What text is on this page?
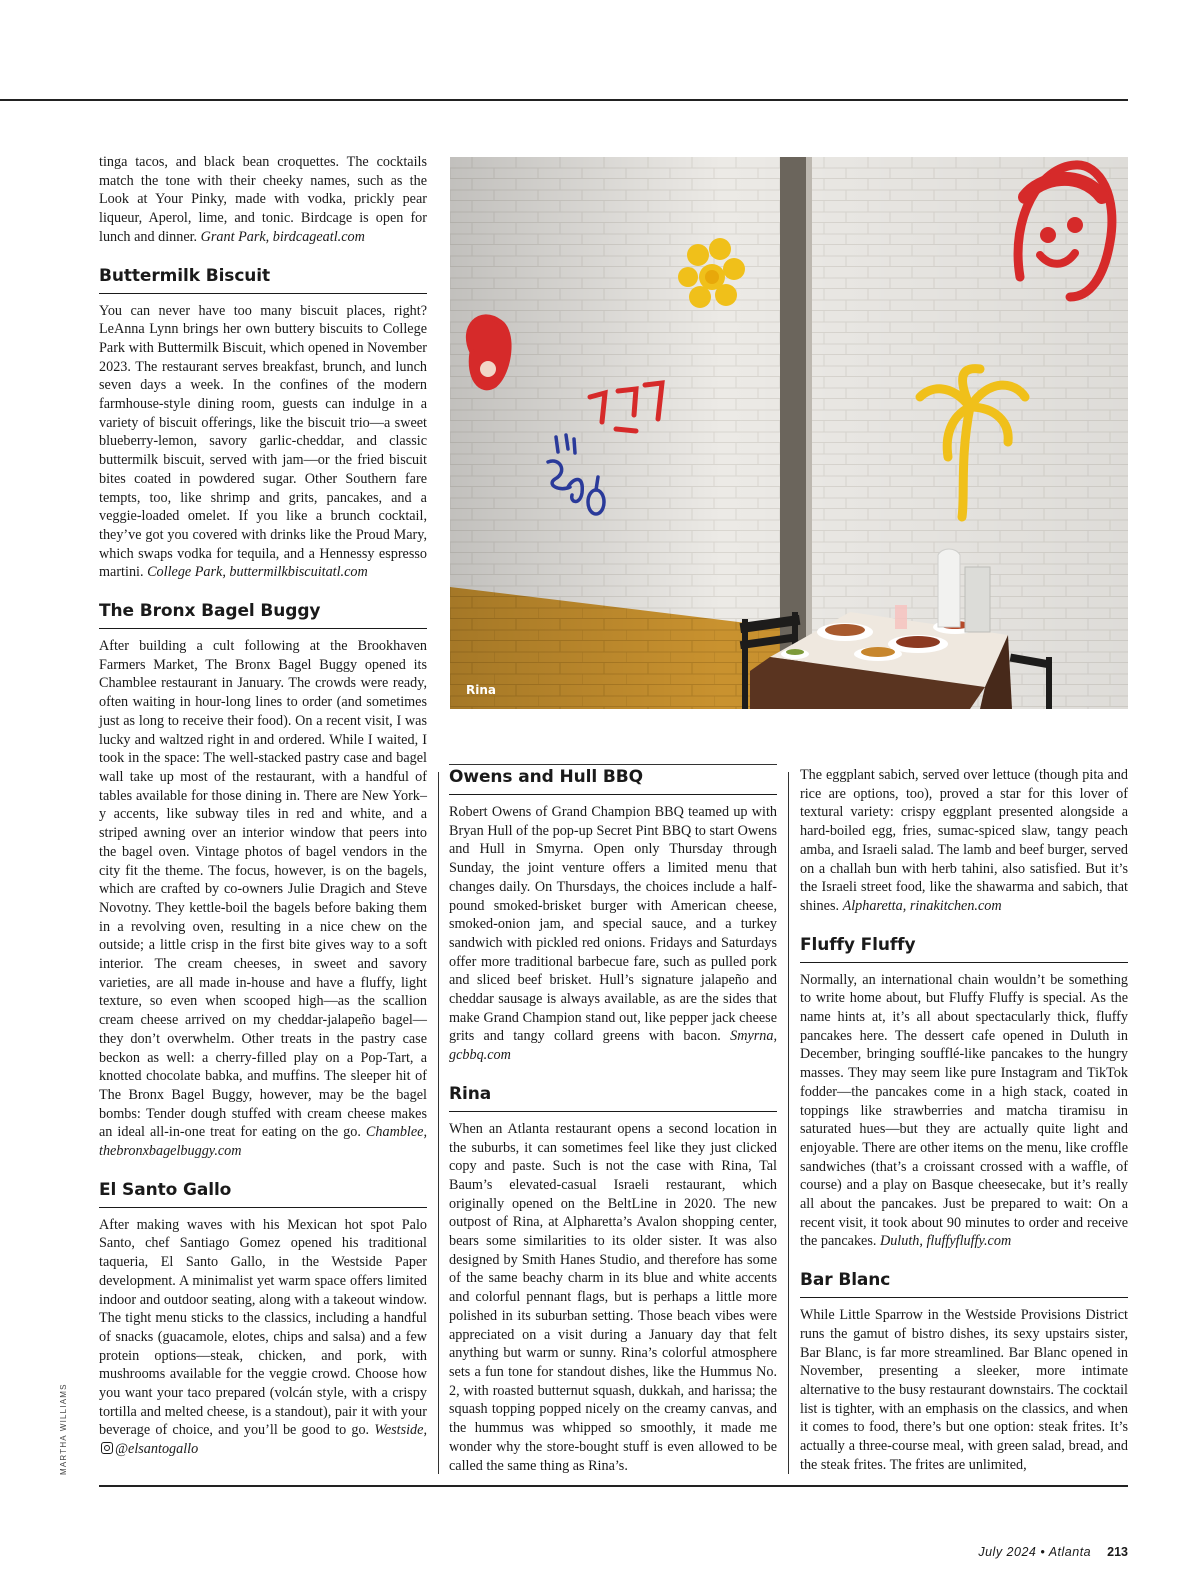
MARTHA WILLIAMS

tinga tacos, and black bean croquettes. The cocktails match the tone with their cheeky names, such as the Look at Your Pinky, made with vodka, prickly pear liqueur, Aperol, lime, and tonic. Birdcage is open for lunch and dinner. Grant Park, birdcageatl.com

Buttermilk Biscuit

You can never have too many biscuit places, right? LeAnna Lynn brings her own buttery biscuits to College Park with Buttermilk Biscuit, which opened in November 2023. The restaurant serves breakfast, brunch, and lunch seven days a week. In the confines of the modern farmhouse-style dining room, guests can indulge in a variety of biscuit offerings, like the biscuit trio—a sweet blueberry-lemon, savory garlic-cheddar, and classic buttermilk biscuit, served with jam—or the fried biscuit bites coated in powdered sugar. Other Southern fare tempts, too, like shrimp and grits, pancakes, and a veggie-loaded omelet. If you like a brunch cocktail, they’ve got you covered with drinks like the Proud Mary, which swaps vodka for tequila, and a Hennessy espresso martini. College Park, buttermilkbiscuitatl.com

The Bronx Bagel Buggy

After building a cult following at the Brookhaven Farmers Market, The Bronx Bagel Buggy opened its Chamblee restaurant in January. The crowds were ready, often waiting in hour-long lines to order (and sometimes just as long to receive their food). On a recent visit, I was lucky and waltzed right in and ordered. While I waited, I took in the space: The well-stacked pastry case and bagel wall take up most of the restaurant, with a handful of tables available for those dining in. There are New York–y accents, like subway tiles in red and white, and a striped awning over an interior window that peers into the bagel oven. Vintage photos of bagel vendors in the city fit the theme. The focus, however, is on the bagels, which are crafted by co-owners Julie Dragich and Steve Novotny. They kettle-boil the bagels before baking them in a revolving oven, resulting in a nice chew on the outside; a little crisp in the first bite gives way to a soft interior. The cream cheeses, in sweet and savory varieties, are all made in-house and have a fluffy, light texture, so even when scooped high—as the scallion cream cheese arrived on my cheddar-jalapeño bagel—they don’t overwhelm. Other treats in the pastry case beckon as well: a cherry-filled play on a Pop-Tart, a knotted chocolate babka, and muffins. The sleeper hit of The Bronx Bagel Buggy, however, may be the bagel bombs: Tender dough stuffed with cream cheese makes an ideal all-in-one treat for eating on the go. Chamblee, thebronxbagelbuggy.com

El Santo Gallo

After making waves with his Mexican hot spot Palo Santo, chef Santiago Gomez opened his traditional taqueria, El Santo Gallo, in the Westside Paper development. A minimalist yet warm space offers limited indoor and outdoor seating, along with a takeout window. The tight menu sticks to the classics, including a handful of snacks (guacamole, elotes, chips and salsa) and a few protein options—steak, chicken, and pork, with mushrooms available for the veggie crowd. Choose how you want your taco prepared (volcán style, with a crispy tortilla and melted cheese, is a standout), pair it with your beverage of choice, and you’ll be good to go. Westside, @elsantogallo

Rina
Owens and Hull BBQ

Robert Owens of Grand Champion BBQ teamed up with Bryan Hull of the pop-up Secret Pint BBQ to start Owens and Hull in Smyrna. Open only Thursday through Sunday, the joint venture offers a limited menu that changes daily. On Thursdays, the choices include a half-pound smoked-brisket burger with American cheese, smoked-onion jam, and special sauce, and a turkey sandwich with pickled red onions. Fridays and Saturdays offer more traditional barbecue fare, such as pulled pork and sliced beef brisket. Hull’s signature jalapeño and cheddar sausage is always available, as are the sides that make Grand Champion stand out, like pepper jack cheese grits and tangy collard greens with bacon. Smyrna, gcbbq.com

Rina

When an Atlanta restaurant opens a second location in the suburbs, it can sometimes feel like they just clicked copy and paste. Such is not the case with Rina, Tal Baum’s elevated-casual Israeli restaurant, which originally opened on the BeltLine in 2020. The new outpost of Rina, at Alpharetta’s Avalon shopping center, bears some similarities to its older sister. It was also designed by Smith Hanes Studio, and therefore has some of the same beachy charm in its blue and white accents and colorful pennant flags, but is perhaps a little more polished in its suburban setting. Those beach vibes were appreciated on a visit during a January day that felt anything but warm or sunny. Rina’s colorful atmosphere sets a fun tone for standout dishes, like the Hummus No. 2, with roasted butternut squash, dukkah, and harissa; the squash topping popped nicely on the creamy canvas, and the hummus was whipped so smoothly, it made me wonder why the store-bought stuff is even allowed to be called the same thing as Rina’s.

The eggplant sabich, served over lettuce (though pita and rice are options, too), proved a star for this lover of textural variety: crispy eggplant presented alongside a hard-boiled egg, fries, sumac-spiced slaw, tangy peach amba, and Israeli salad. The lamb and beef burger, served on a challah bun with herb tahini, also satisfied. But it’s the Israeli street food, like the shawarma and sabich, that shines. Alpharetta, rinakitchen.com

Fluffy Fluffy

Normally, an international chain wouldn’t be something to write home about, but Fluffy Fluffy is special. As the name hints at, it’s all about spectacularly thick, fluffy pancakes here. The dessert cafe opened in Duluth in December, bringing soufflé-like pancakes to the hungry masses. They may seem like pure Instagram and TikTok fodder—the pancakes come in a high stack, coated in toppings like strawberries and matcha tiramisu in saturated hues—but they are actually quite light and enjoyable. There are other items on the menu, like croffle sandwiches (that’s a croissant crossed with a waffle, of course) and a play on Basque cheesecake, but it’s really all about the pancakes. Just be prepared to wait: On a recent visit, it took about 90 minutes to order and receive the pancakes. Duluth, fluffyfluffy.com

Bar Blanc

While Little Sparrow in the Westside Provisions District runs the gamut of bistro dishes, its sexy upstairs sister, Bar Blanc, is far more streamlined. Bar Blanc opened in November, presenting a sleeker, more intimate alternative to the busy restaurant downstairs. The cocktail list is tighter, with an emphasis on the classics, and when it comes to food, there’s but one option: steak frites. It’s actually a three-course meal, with green salad, bread, and the steak frites. The frites are unlimited,

July 2024 • Atlanta 213
